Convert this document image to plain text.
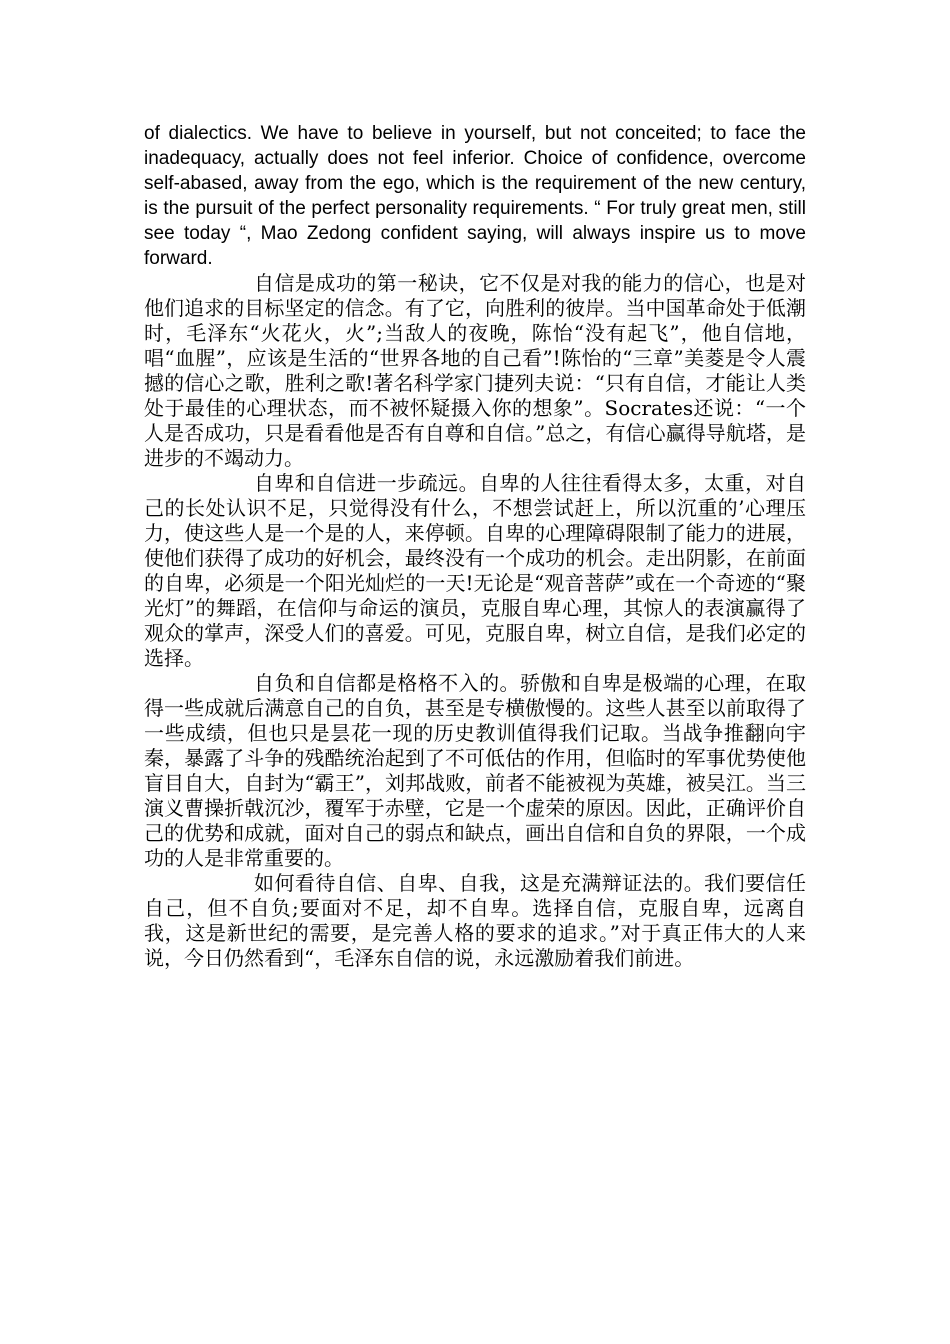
of dialectics. We have to believe in yourself, but not conceited; to face the inadequacy, actually does not feel inferior. Choice of confidence, overcome self-abased, away from the ego, which is the requirement of the new century, is the pursuit of the perfect personality requirements. “ For truly great men, still see today “, Mao Zedong confident saying, will always inspire us to move forward.

自信是成功的第一秘诀，它不仅是对我的能力的信心，也是对他们追求的目标坚定的信念。有了它，向胜利的彼岸。当中国革命处于低潮时，毛泽东“火花火，火”;当敌人的夜晚，陈怡“没有起飞”，他自信地，唱“血腥”，应该是生活的“世界各地的自己看”!陈怡的“三章”美菱是令人震撼的信心之歌，胜利之歌!著名科学家门捷列夫说：“只有自信，才能让人类处于最佳的心理状态，而不被怀疑摄入你的想象”。Socrates还说：“一个人是否成功，只是看看他是否有自尊和自信。”总之，有信心赢得导航塔，是进步的不竭动力。

自卑和自信进一步疏远。自卑的人往往看得太多，太重，对自己的长处认识不足，只觉得没有什么，不想尝试赶上，所以沉重的’心理压力，使这些人是一个是的人，来停顿。自卑的心理障碍限制了能力的进展，使他们获得了成功的好机会，最终没有一个成功的机会。走出阴影，在前面的自卑，必须是一个阳光灿烂的一天!无论是“观音菩萨”或在一个奇迹的“聚光灯”的舞蹈，在信仰与命运的演员，克服自卑心理，其惊人的表演赢得了观众的掌声，深受人们的喜爱。可见，克服自卑，树立自信，是我们必定的选择。

自负和自信都是格格不入的。骄傲和自卑是极端的心理，在取得一些成就后满意自己的自负，甚至是专横傲慢的。这些人甚至以前取得了一些成绩，但也只是昙花一现的历史教训值得我们记取。当战争推翻向宇秦，暴露了斗争的残酷统治起到了不可低估的作用，但临时的军事优势使他盲目自大，自封为“霸王”，刘邦战败，前者不能被视为英雄，被吴江。当三演义曹操折戟沉沙，覆军于赤壁，它是一个虚荣的原因。因此，正确评价自己的优势和成就，面对自己的弱点和缺点，画出自信和自负的界限，一个成功的人是非常重要的。

如何看待自信、自卑、自我，这是充满辩证法的。我们要信任自己，但不自负;要面对不足，却不自卑。选择自信，克服自卑，远离自我，这是新世纪的需要，是完善人格的要求的追求。”对于真正伟大的人来说，今日仍然看到“，毛泽东自信的说，永远激励着我们前进。
